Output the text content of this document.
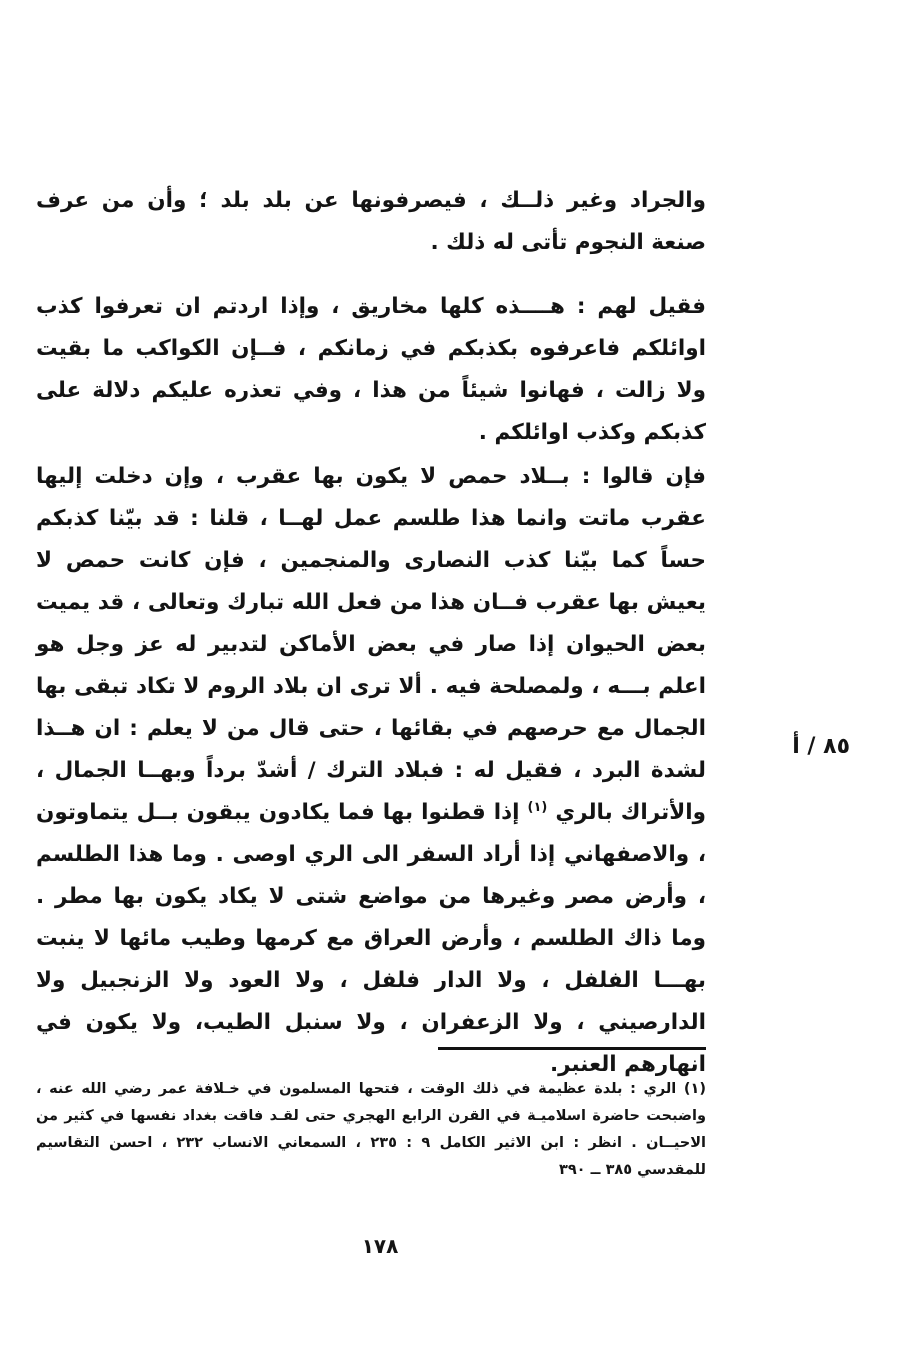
والجراد وغير ذلــك ، فيصرفونها عن بلد بلد ؛ وأن من عرف صنعة النجوم تأتى له ذلك .

فقيل لهم : هــــذه كلها مخاريق ، وإذا اردتم ان تعرفوا كذب اوائلكم فاعرفوه بكذبكم في زمانكم ، فــإن الكواكب ما بقيت ولا زالت ، فهانوا شيئاً من هذا ، وفي تعذره عليكم دلالة على كذبكم وكذب اوائلكم .

فإن قالوا : بــلاد حمص لا يكون بها عقرب ، وإن دخلت إليها عقرب ماتت وانما هذا طلسم عمل لهــا ، قلنا : قد بيّنا كذبكم حساً كما بيّنا كذب النصارى والمنجمين ، فإن كانت حمص لا يعيش بها عقرب فــان هذا من فعل الله تبارك وتعالى ، قد يميت بعض الحيوان إذا صار في بعض الأماكن لتدبير له عز وجل هو اعلم بـــه ، ولمصلحة فيه . ألا ترى ان بلاد الروم لا تكاد تبقى بها الجمال مع حرصهم في بقائها ، حتى قال من لا يعلم : ان هــذا لشدة البرد ، فقيل له : فبلاد الترك / أشدّ برداً وبهــا الجمال ، والأتراك بالري $^{(١)}$ إذا قطنوا بها فما يكادون يبقون بــل يتماوتون ، والاصفهاني إذا أراد السفر الى الري اوصى . وما هذا الطلسم ، وأرض مصر وغيرها من مواضع شتى لا يكاد يكون بها مطر . وما ذاك الطلسم ، وأرض العراق مع كرمها وطيب مائها لا ينبت بهـــا الفلفل ، ولا الدار فلفل ، ولا العود ولا الزنجبيل ولا الدارصيني ، ولا الزعفران ، ولا سنبل الطيب، ولا يكون في انهارهم العنبر.

٨٥ / أ

(١) الري : بلدة عظيمة في ذلك الوقت ، فتحها المسلمون في خـلافة عمر رضي الله عنه ، واضبحت حاضرة اسلاميـة في القرن الرابع الهجري حتى لقـد فاقت بغداد نفسها في كثير من الاحيــان . انظر : ابن الاثير الكامل ٩ : ٢٣٥ ، السمعاني الانساب ٢٣٢ ، احسن التقاسيم للمقدسي ٣٨٥ ــ ٣٩٠

١٧٨
